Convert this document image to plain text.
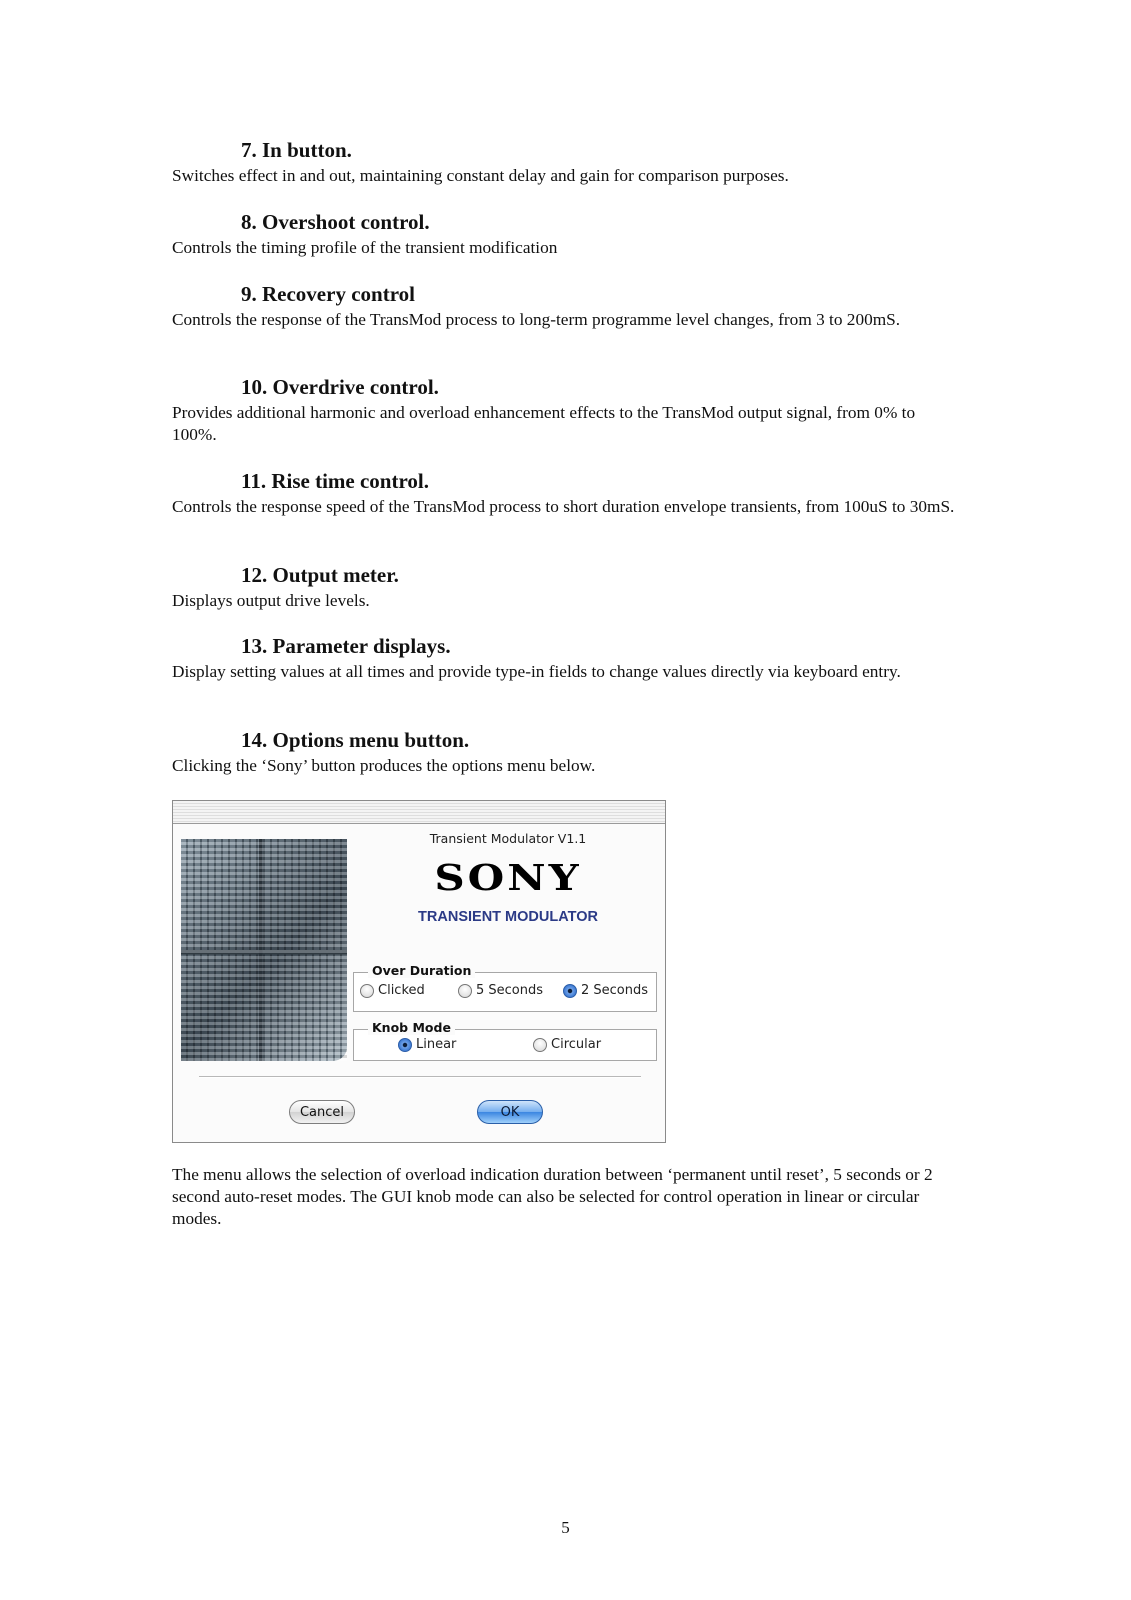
7. In button.

Switches effect in and out, maintaining constant delay and gain for comparison purposes.

8. Overshoot control.

Controls the timing profile of the transient modification

9. Recovery control

Controls the response of the TransMod process to long-term programme level changes, from 3 to 200mS.

10. Overdrive control.

Provides additional harmonic and overload enhancement effects to the TransMod output signal, from 0% to 100%.

11. Rise time control.

Controls the response speed of the TransMod process to short duration envelope transients, from 100uS to 30mS.

12. Output meter.

Displays output drive levels.

13. Parameter displays.

Display setting values at all times and provide type-in fields to change values directly via keyboard entry.

14. Options menu button.

Clicking the ‘Sony’ button produces the options menu below.

Transient Modulator V1.1
SONY
TRANSIENT MODULATOR
Over Duration
Clicked	5 Seconds	2 Seconds
Knob Mode
Linear	Circular
Cancel	OK

The menu allows the selection of overload indication duration between ‘permanent until reset’, 5 seconds or 2 second auto-reset modes. The GUI knob mode can also be selected for control operation in linear or circular modes.

5
